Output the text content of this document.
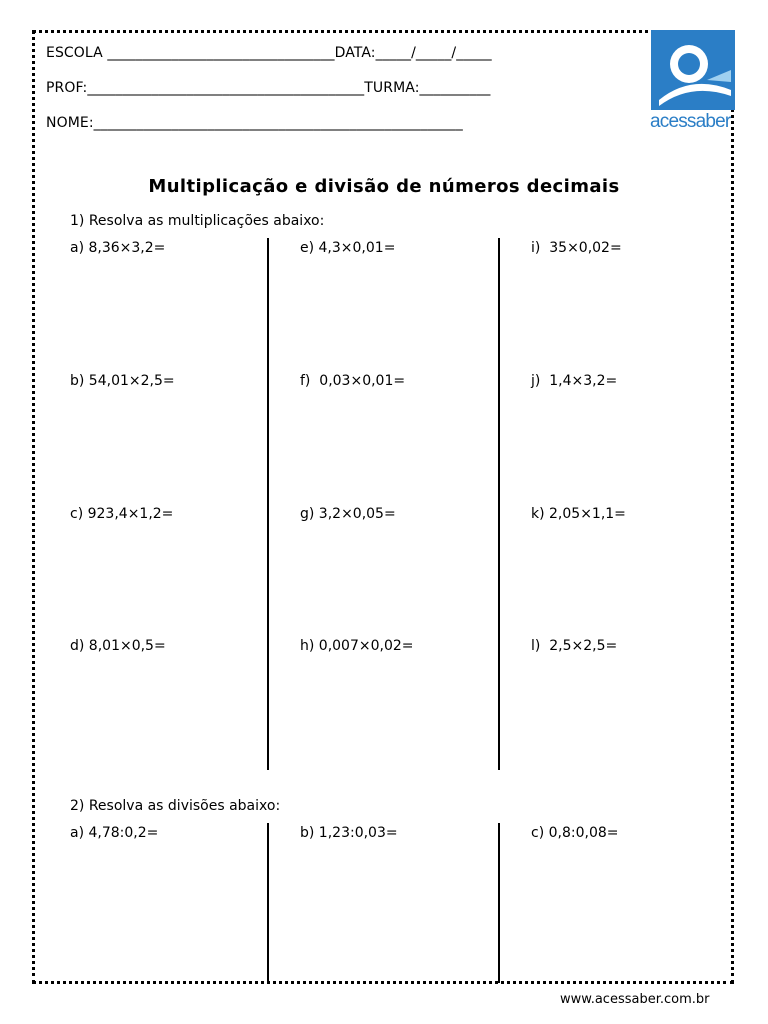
ESCOLA ________________________________DATA:_____/_____/_____
PROF:_______________________________________TURMA:__________
NOME:____________________________________________________	acessaber
Multiplicação e divisão de números decimais
1) Resolva as multiplicações abaixo:
a) 8,36×3,2=	e) 4,3×0,01=	i)  35×0,02=
b) 54,01×2,5=	f)  0,03×0,01=	j)  1,4×3,2=
c) 923,4×1,2=	g) 3,2×0,05=	k) 2,05×1,1=
d) 8,01×0,5=	h) 0,007×0,02=	l)  2,5×2,5=
2) Resolva as divisões abaixo:
a) 4,78:0,2=	b) 1,23:0,03=	c) 0,8:0,08=
www.acessaber.com.br
